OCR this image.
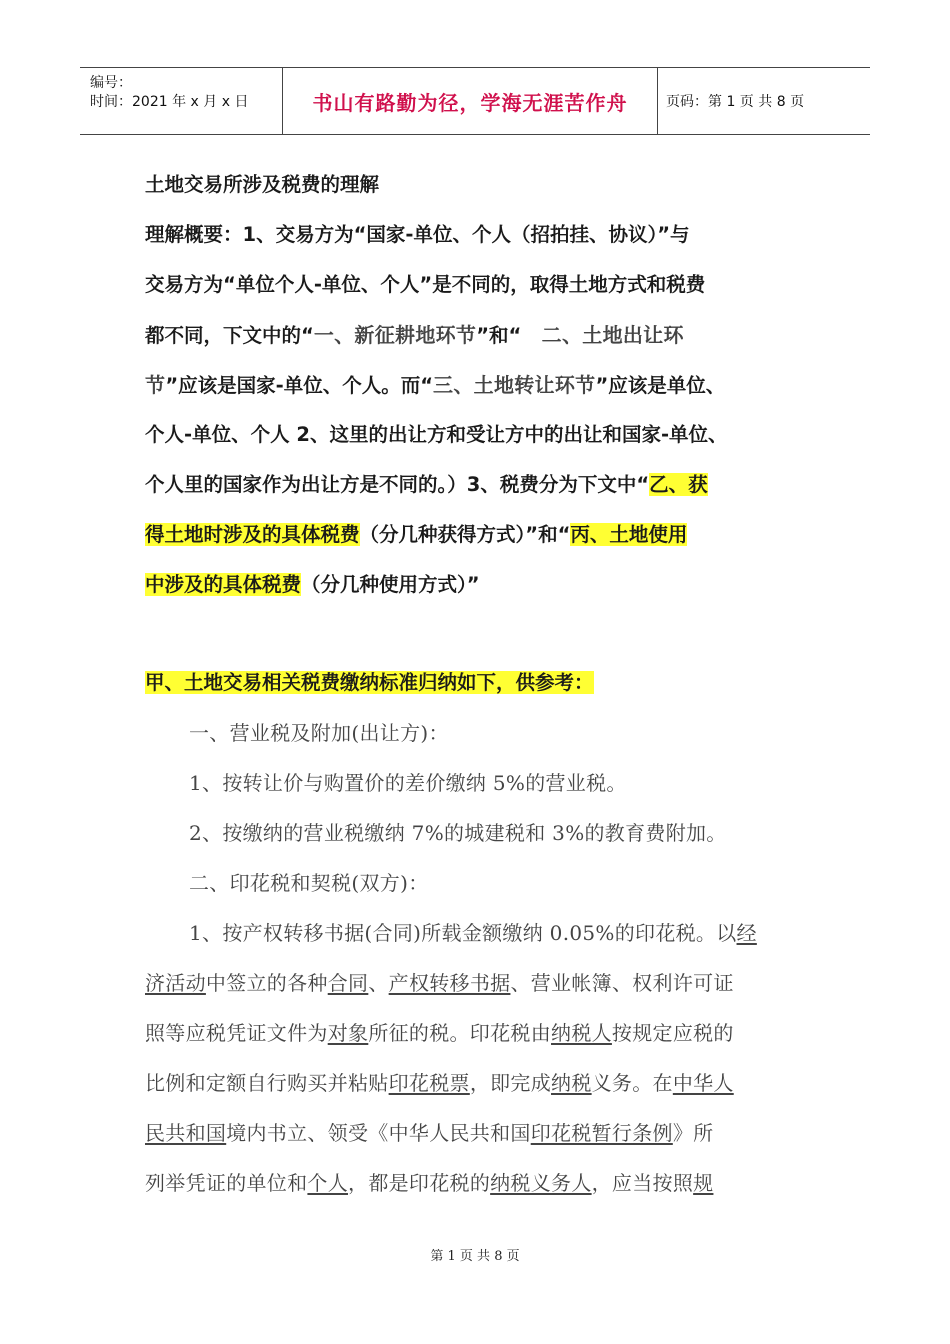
编号：
时间：2021 年 x 月 x 日	书山有路勤为径，学海无涯苦作舟	页码：第 1 页 共 8 页
土地交易所涉及税费的理解
理解概要：1、交易方为“国家-单位、个人（招拍挂、协议）”与
交易方为“单位个人-单位、个人”是不同的，取得土地方式和税费
都不同，下文中的“一、新征耕地环节”和“　二、土地出让环
节”应该是国家-单位、个人。而“三、土地转让环节”应该是单位、
个人-单位、个人 2、这里的出让方和受让方中的出让和国家-单位、
个人里的国家作为出让方是不同的。）3、税费分为下文中“乙、获
得土地时涉及的具体税费（分几种获得方式）”和“丙、土地使用
中涉及的具体税费（分几种使用方式）”
甲、土地交易相关税费缴纳标准归纳如下，供参考：
一、营业税及附加(出让方)：
1、按转让价与购置价的差价缴纳 5%的营业税。
2、按缴纳的营业税缴纳 7%的城建税和 3%的教育费附加。
二、印花税和契税(双方)：
1、按产权转移书据(合同)所载金额缴纳 0.05%的印花税。以经
济活动中签立的各种合同、产权转移书据、营业帐簿、权利许可证
照等应税凭证文件为对象所征的税。印花税由纳税人按规定应税的
比例和定额自行购买并粘贴印花税票，即完成纳税义务。在中华人
民共和国境内书立、领受《中华人民共和国印花税暂行条例》所
列举凭证的单位和个人，都是印花税的纳税义务人，应当按照规
第 1 页 共 8 页
